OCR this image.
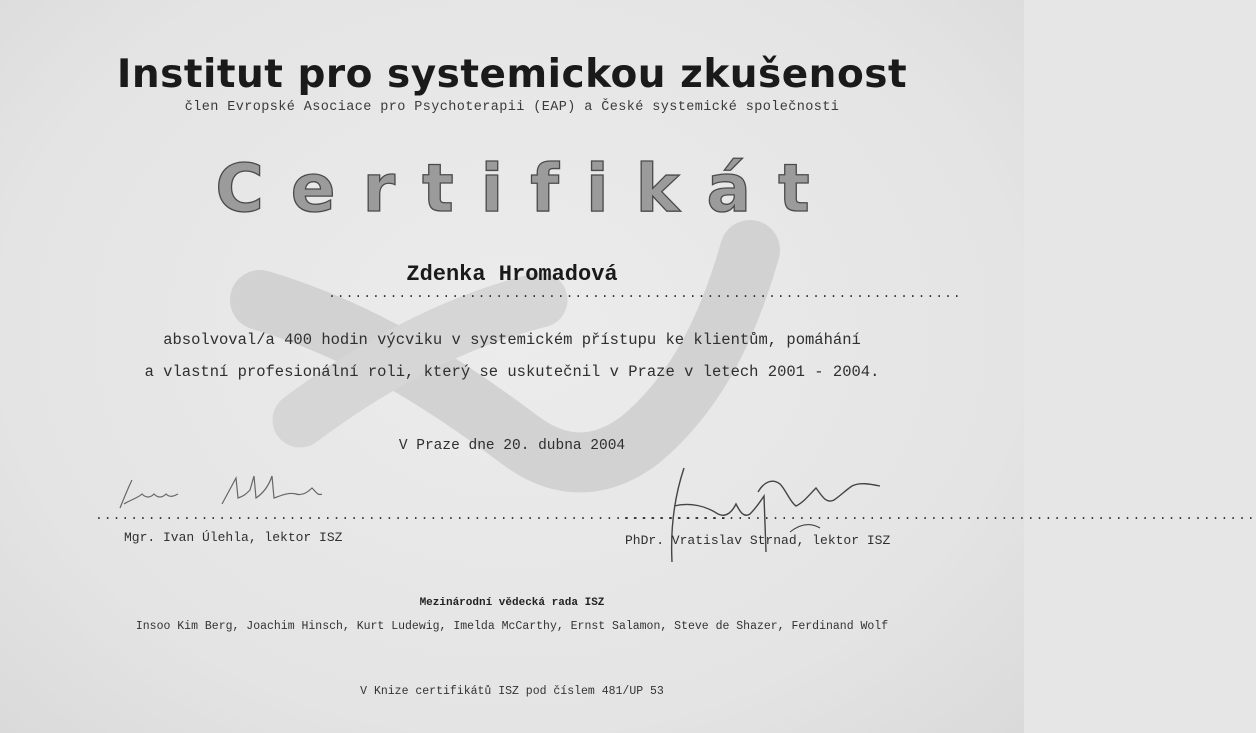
Institut pro systemickou zkušenost
člen Evropské Asociace pro Psychoterapii (EAP) a České systemické společnosti
Certifikát
Zdenka Hromadová
........................................................................
absolvoval/a 400 hodin výcviku v systemickém přístupu ke klientům, pomáhání
a vlastní profesionální roli, který se uskutečnil v Praze v letech 2001 - 2004.
V Praze dne 20. dubna 2004
........................................................................
Mgr. Ivan Úlehla, lektor ISZ
........................................................................
PhDr. Vratislav Strnad, lektor ISZ
Mezinárodní vědecká rada ISZ
Insoo Kim Berg, Joachim Hinsch, Kurt Ludewig, Imelda McCarthy, Ernst Salamon, Steve de Shazer, Ferdinand Wolf
V Knize certifikátů ISZ pod číslem 481/UP 53
